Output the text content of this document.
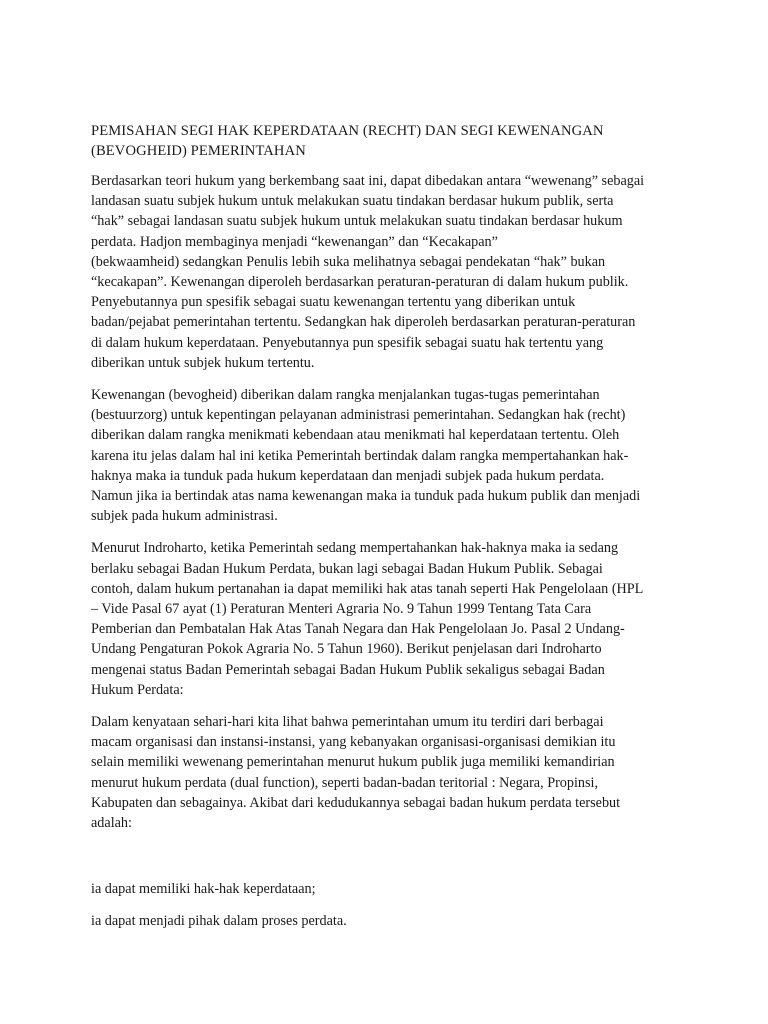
PEMISAHAN SEGI HAK KEPERDATAAN (RECHT) DAN SEGI KEWENANGAN
(BEVOGHEID) PEMERINTAHAN

Berdasarkan teori hukum yang berkembang saat ini, dapat dibedakan antara “wewenang” sebagai

landasan suatu subjek hukum untuk melakukan suatu tindakan berdasar hukum publik, serta

“hak” sebagai landasan suatu subjek hukum untuk melakukan suatu tindakan berdasar hukum

perdata. Hadjon membaginya menjadi “kewenangan” dan “Kecakapan”

(bekwaamheid) sedangkan Penulis lebih suka melihatnya sebagai pendekatan “hak” bukan

“kecakapan”. Kewenangan diperoleh berdasarkan peraturan-peraturan di dalam hukum publik.

Penyebutannya pun spesifik sebagai suatu kewenangan tertentu yang diberikan untuk

badan/pejabat pemerintahan tertentu. Sedangkan hak diperoleh berdasarkan peraturan-peraturan

di dalam hukum keperdataan. Penyebutannya pun spesifik sebagai suatu hak tertentu yang

diberikan untuk subjek hukum tertentu.

Kewenangan (bevogheid) diberikan dalam rangka menjalankan tugas-tugas pemerintahan

(bestuurzorg) untuk kepentingan pelayanan administrasi pemerintahan. Sedangkan hak (recht)

diberikan dalam rangka menikmati kebendaan atau menikmati hal keperdataan tertentu. Oleh

karena itu jelas dalam hal ini ketika Pemerintah bertindak dalam rangka mempertahankan hak-

haknya maka ia tunduk pada hukum keperdataan dan menjadi subjek pada hukum perdata.

Namun jika ia bertindak atas nama kewenangan maka ia tunduk pada hukum publik dan menjadi

subjek pada hukum administrasi.

Menurut Indroharto, ketika Pemerintah sedang mempertahankan hak-haknya maka ia sedang

berlaku sebagai Badan Hukum Perdata, bukan lagi sebagai Badan Hukum Publik. Sebagai

contoh, dalam hukum pertanahan ia dapat memiliki hak atas tanah seperti Hak Pengelolaan (HPL

– Vide Pasal 67 ayat (1) Peraturan Menteri Agraria No. 9 Tahun 1999 Tentang Tata Cara

Pemberian dan Pembatalan Hak Atas Tanah Negara dan Hak Pengelolaan Jo. Pasal 2 Undang-

Undang Pengaturan Pokok Agraria No. 5 Tahun 1960). Berikut penjelasan dari Indroharto

mengenai status Badan Pemerintah sebagai Badan Hukum Publik sekaligus sebagai Badan

Hukum Perdata:

Dalam kenyataan sehari-hari kita lihat bahwa pemerintahan umum itu terdiri dari berbagai

macam organisasi dan instansi-instansi, yang kebanyakan organisasi-organisasi demikian itu

selain memiliki wewenang pemerintahan menurut hukum publik juga memiliki kemandirian

menurut hukum perdata (dual function), seperti badan-badan teritorial : Negara, Propinsi,

Kabupaten dan sebagainya. Akibat dari kedudukannya sebagai badan hukum perdata tersebut

adalah:

ia dapat memiliki hak-hak keperdataan;

ia dapat menjadi pihak dalam proses perdata.
